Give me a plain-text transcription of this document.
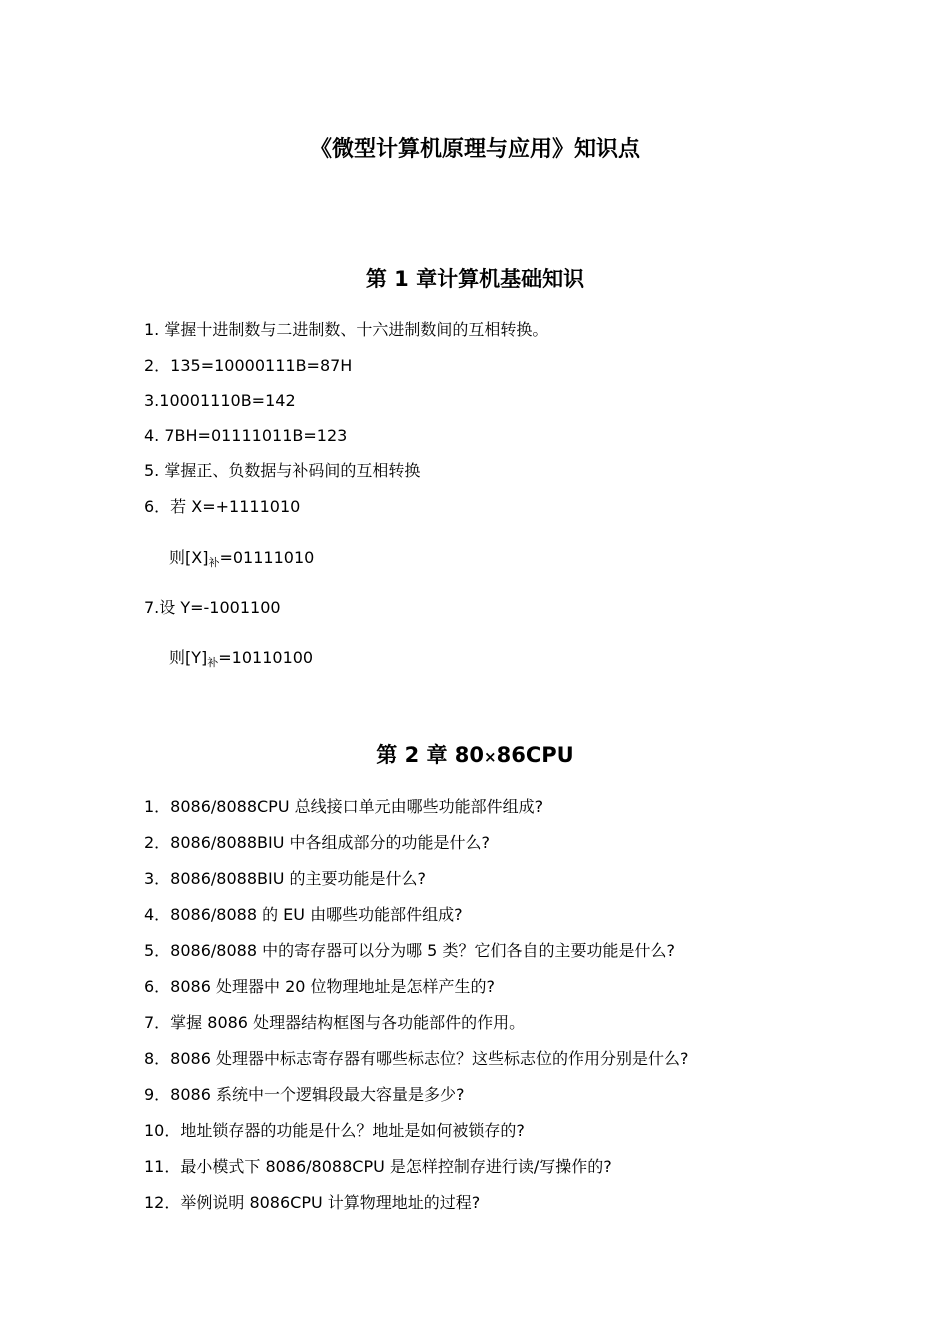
《微型计算机原理与应用》知识点
第 1 章计算机基础知识

1. 掌握十进制数与二进制数、十六进制数间的互相转换。

2．135=10000111B=87H

3.10001110B=142

4. 7BH=01111011B=123

5. 掌握正、负数据与补码间的互相转换

6．若 X=+1111010

则$[X]_补=01111010$

7.设 Y=-1001100

则$[Y]_补=10110100$

第 2 章 80×86CPU

1．8086/8088CPU 总线接口单元由哪些功能部件组成?

2．8086/8088BIU 中各组成部分的功能是什么?

3．8086/8088BIU 的主要功能是什么?

4．8086/8088 的 EU 由哪些功能部件组成?

5．8086/8088 中的寄存器可以分为哪 5 类？它们各自的主要功能是什么?

6．8086 处理器中 20 位物理地址是怎样产生的?

7．掌握 8086 处理器结构框图与各功能部件的作用。

8．8086 处理器中标志寄存器有哪些标志位？这些标志位的作用分别是什么?

9．8086 系统中一个逻辑段最大容量是多少?

10．地址锁存器的功能是什么？地址是如何被锁存的?

11．最小模式下 8086/8088CPU 是怎样控制存进行读/写操作的?

12．举例说明 8086CPU 计算物理地址的过程?
